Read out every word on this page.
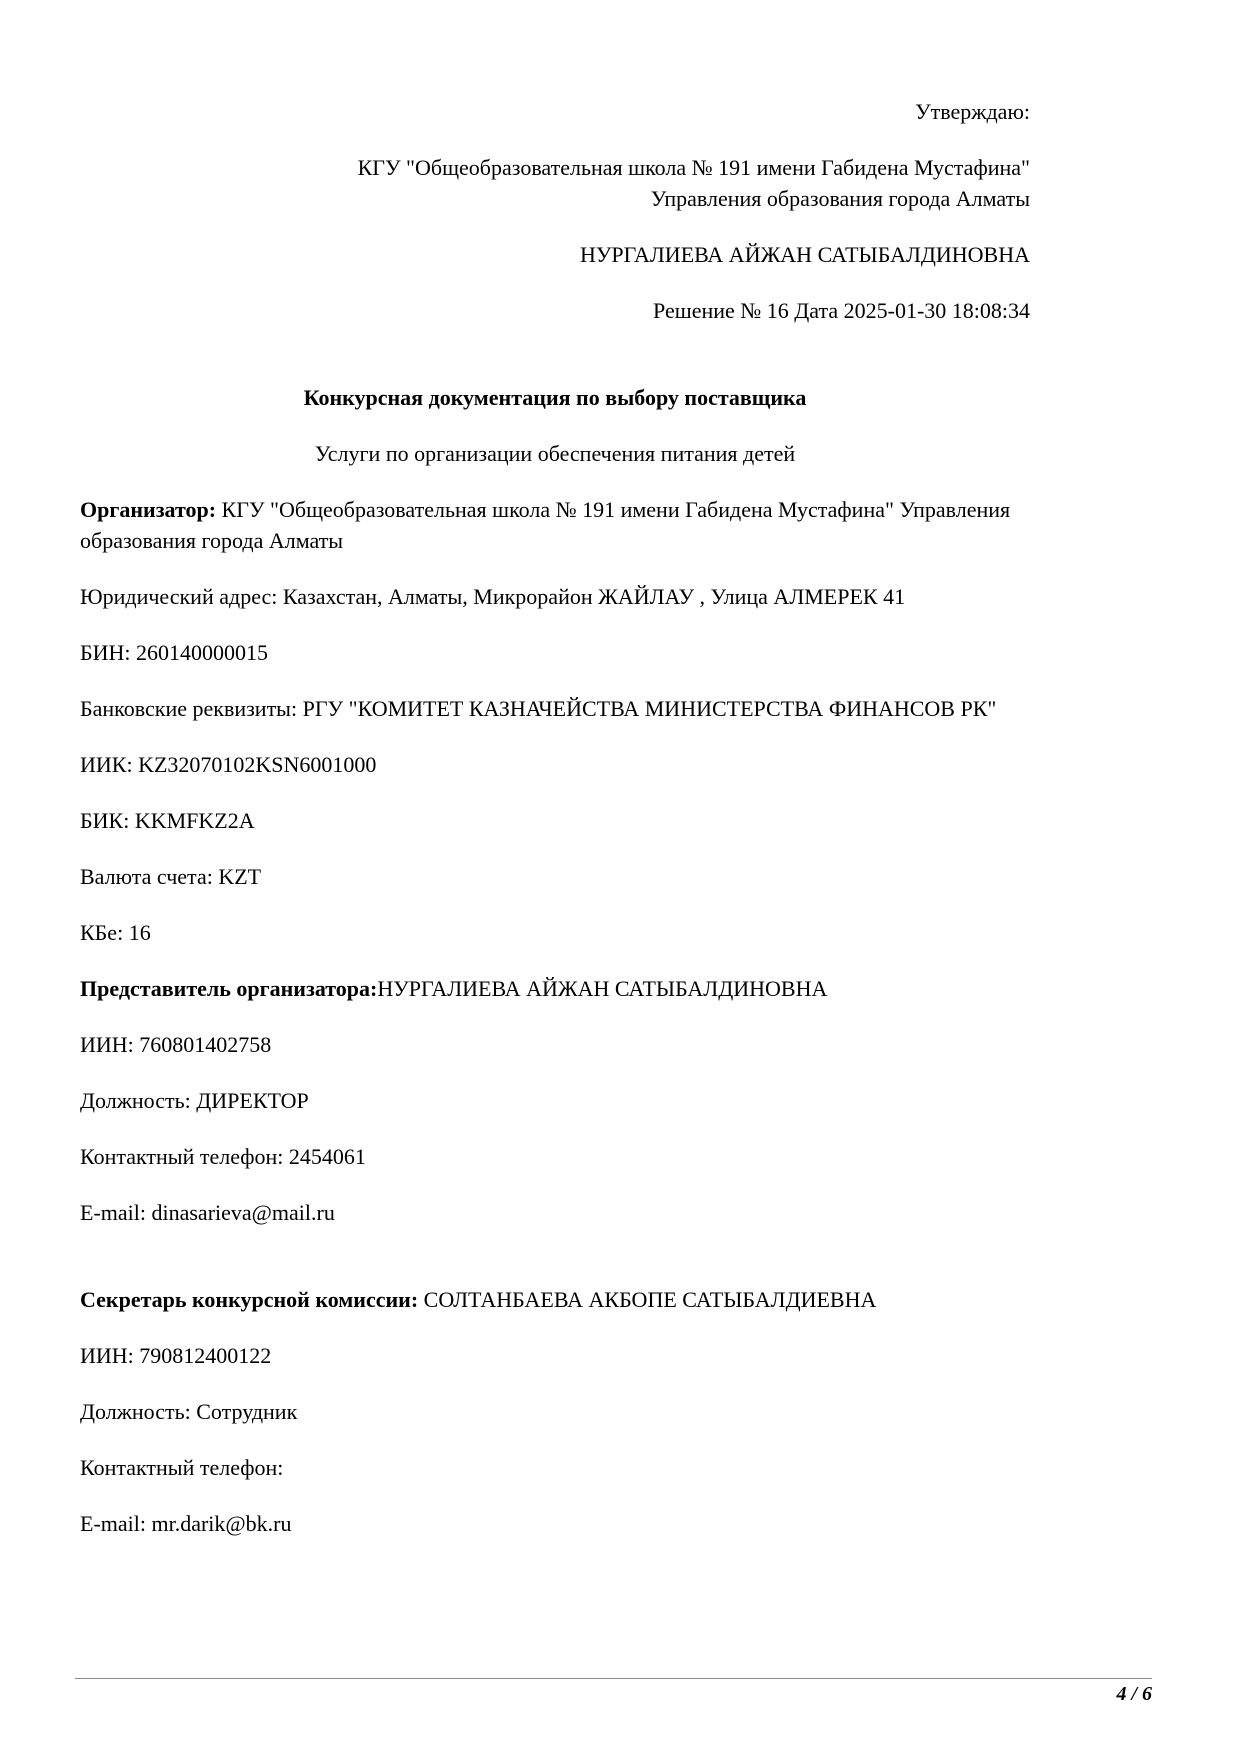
Утверждаю:

КГУ "Общеобразовательная школа № 191 имени Габидена Мустафина"
Управления образования города Алматы

НУРГАЛИЕВА АЙЖАН САТЫБАЛДИНОВНА

Решение № 16 Дата 2025-01-30 18:08:34

Конкурсная документация по выбору поставщика

Услуги по организации обеспечения питания детей

Организатор: КГУ "Общеобразовательная школа № 191 имени Габидена Мустафина" Управления образования города Алматы

Юридический адрес: Казахстан, Алматы, Микрорайон ЖАЙЛАУ , Улица АЛМЕРЕК 41

БИН: 260140000015

Банковские реквизиты: РГУ "КОМИТЕТ КАЗНАЧЕЙСТВА МИНИСТЕРСТВА ФИНАНСОВ РК"

ИИК: KZ32070102KSN6001000

БИК: KKMFKZ2A

Валюта счета: KZT

КБе: 16

Представитель организатора:НУРГАЛИЕВА АЙЖАН САТЫБАЛДИНОВНА

ИИН: 760801402758

Должность: ДИРЕКТОР

Контактный телефон: 2454061

E-mail: dinasarieva@mail.ru

Секретарь конкурсной комиссии: СОЛТАНБАЕВА АКБОПЕ САТЫБАЛДИЕВНА

ИИН: 790812400122

Должность: Сотрудник

Контактный телефон:

E-mail: mr.darik@bk.ru

4 / 6
